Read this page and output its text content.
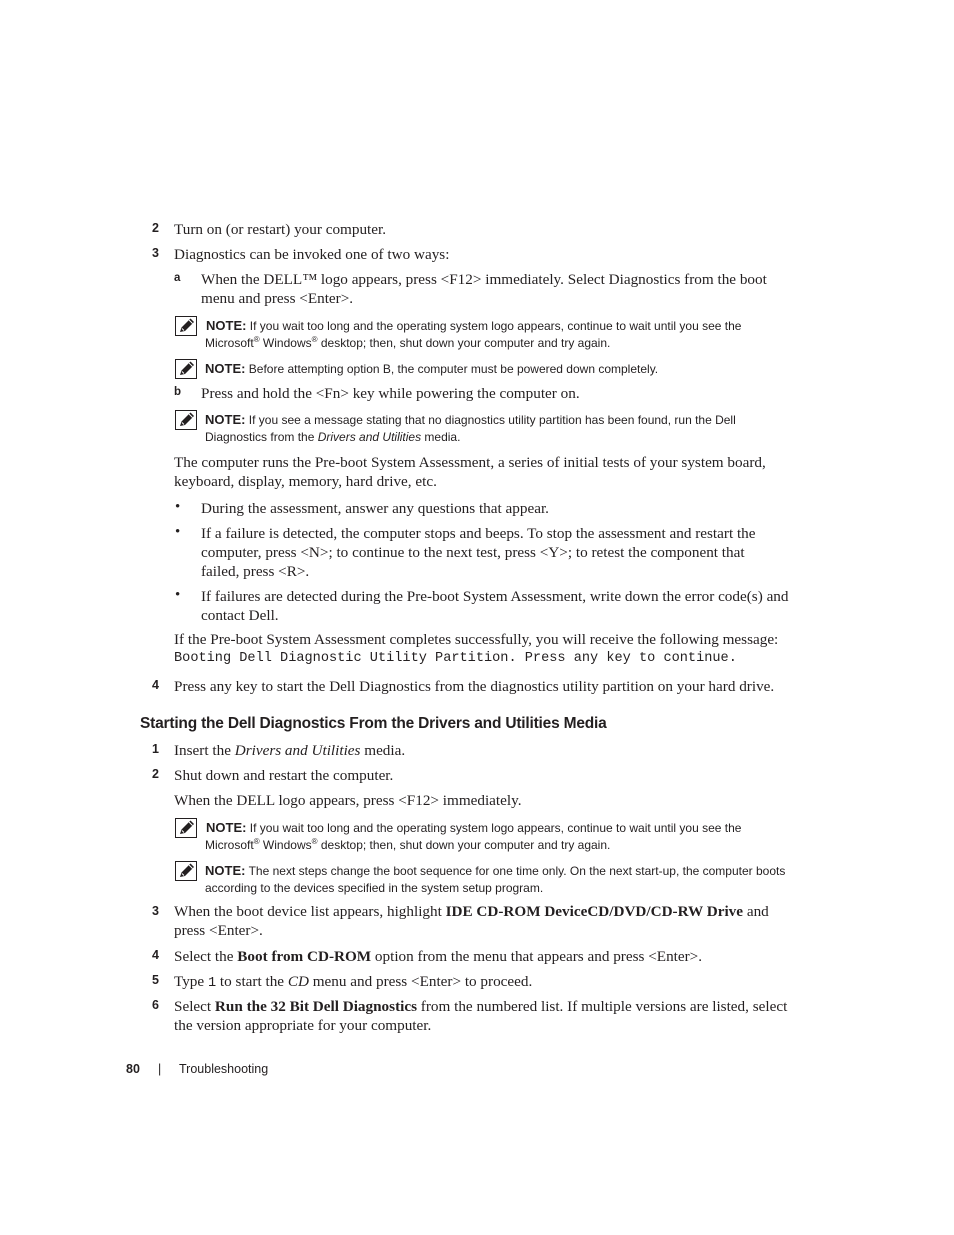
2 Turn on (or restart) your computer.
3 Diagnostics can be invoked one of two ways:
a When the DELL™ logo appears, press <F12> immediately. Select Diagnostics from the boot
menu and press <Enter>.
NOTE: If you wait too long and the operating system logo appears, continue to wait until you see the
Microsoft® Windows® desktop; then, shut down your computer and try again.
NOTE: Before attempting option B, the computer must be powered down completely.
b Press and hold the <Fn> key while powering the computer on.
NOTE: If you see a message stating that no diagnostics utility partition has been found, run the Dell
Diagnostics from the Drivers and Utilities media.
The computer runs the Pre-boot System Assessment, a series of initial tests of your system board,
keyboard, display, memory, hard drive, etc.
• During the assessment, answer any questions that appear.
• If a failure is detected, the computer stops and beeps. To stop the assessment and restart the
computer, press <N>; to continue to the next test, press <Y>; to retest the component that
failed, press <R>.
• If failures are detected during the Pre-boot System Assessment, write down the error code(s) and
contact Dell.
If the Pre-boot System Assessment completes successfully, you will receive the following message:
Booting Dell Diagnostic Utility Partition. Press any key to continue.
4 Press any key to start the Dell Diagnostics from the diagnostics utility partition on your hard drive.
Starting the Dell Diagnostics From the Drivers and Utilities Media
1 Insert the Drivers and Utilities media.
2 Shut down and restart the computer.
When the DELL logo appears, press <F12> immediately.
NOTE: If you wait too long and the operating system logo appears, continue to wait until you see the
Microsoft® Windows® desktop; then, shut down your computer and try again.
NOTE: The next steps change the boot sequence for one time only. On the next start-up, the computer boots
according to the devices specified in the system setup program.
3 When the boot device list appears, highlight IDE CD-ROM DeviceCD/DVD/CD-RW Drive and
press <Enter>.
4 Select the Boot from CD-ROM option from the menu that appears and press <Enter>.
5 Type 1 to start the CD menu and press <Enter> to proceed.
6 Select Run the 32 Bit Dell Diagnostics from the numbered list. If multiple versions are listed, select
the version appropriate for your computer.
80 | Troubleshooting
